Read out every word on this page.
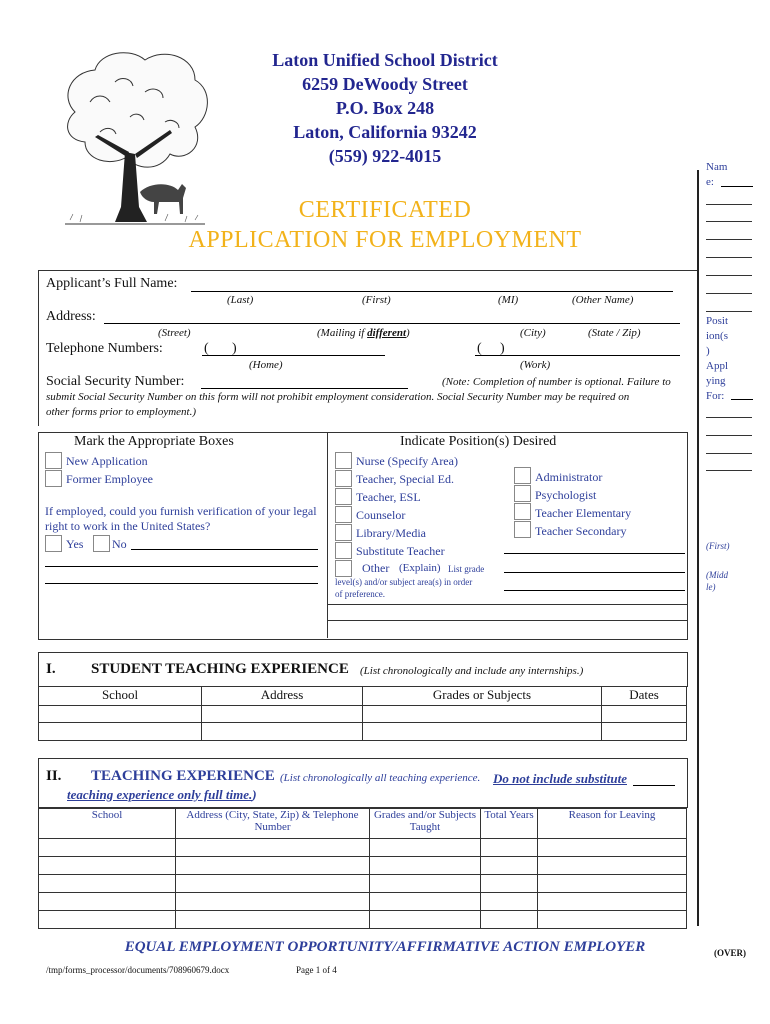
Laton Unified School District
6259 DeWoody Street
P.O. Box 248
Laton, California 93242
(559) 922-4015
CERTIFICATED
APPLICATION FOR EMPLOYMENT
Applicant’s Full Name:
(Last)	(First)	(MI)	(Other Name)
Address:
(Street)	(Mailing if different)	(City)	(State / Zip)
Telephone Numbers:	( )	( )
(Home)	(Work)
Social Security Number:	(Note: Completion of number is optional. Failure to
submit Social Security Number on this form will not prohibit employment consideration. Social Security Number may be required on
other forms prior to employment.)
Mark the Appropriate Boxes
New Application
Former Employee
If employed, could you furnish verification of your legal right to work in the United States?
Yes No
Indicate Position(s) Desired
Nurse (Specify Area)
Teacher, Special Ed.
Teacher, ESL
Counselor
Library/Media
Substitute Teacher
Other (Explain) List grade
level(s) and/or subject area(s) in order
of preference.
Administrator
Psychologist
Teacher Elementary
Teacher Secondary
I. STUDENT TEACHING EXPERIENCE (List chronologically and include any internships.)
School	Address	Grades or Subjects	Dates

II. TEACHING EXPERIENCE (List chronologically all teaching experience. Do not include substitute
teaching experience only full time.)
School	Address (City, State, Zip) & Telephone Number	Grades and/or Subjects Taught	Total Years	Reason for Leaving

EQUAL EMPLOYMENT OPPORTUNITY/AFFIRMATIVE ACTION EMPLOYER
/tmp/forms_processor/documents/708960679.docx	Page 1 of 4
(OVER)
Nam
e:
Posit
ion(s
)
Appl
ying
For:
(First)
(Midd
le)
